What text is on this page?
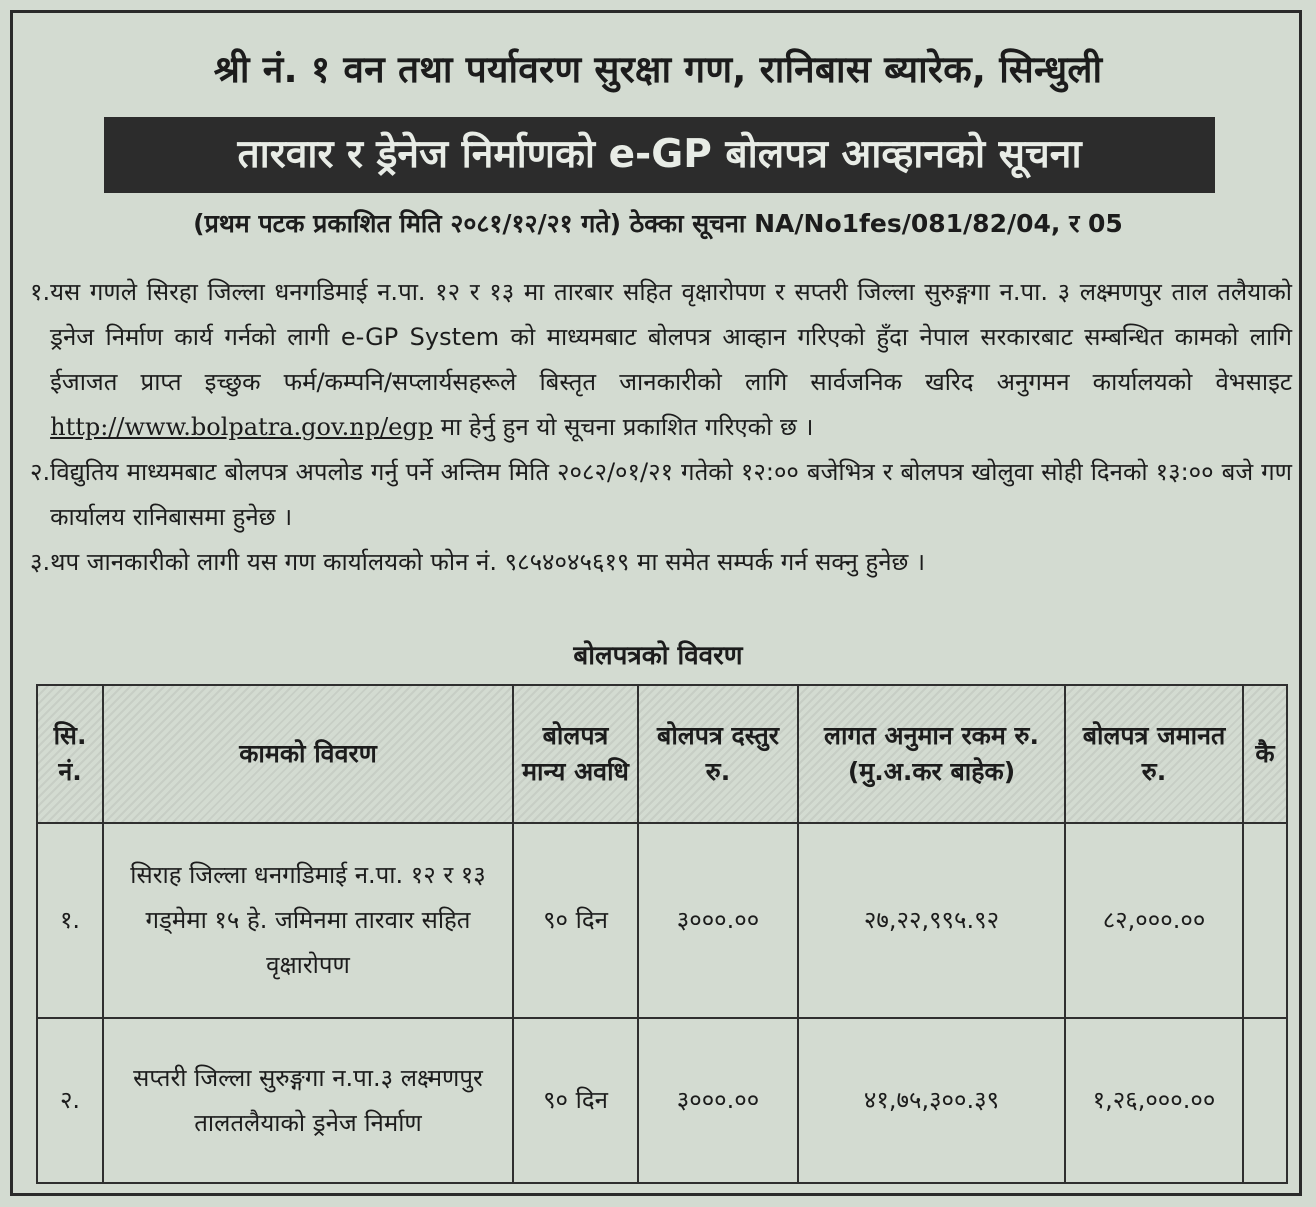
श्री नं. १ वन तथा पर्यावरण सुरक्षा गण, रानिबास ब्यारेक, सिन्धुली
तारवार र ड्रेनेज निर्माणको e-GP बोलपत्र आव्हानको सूचना
(प्रथम पटक प्रकाशित मिति २०८१/१२/२१ गते) ठेक्का सूचना NA/No1fes/081/82/04, र 05
१. यस गणले सिरहा जिल्ला धनगडिमाई न.पा. १२ र १३ मा तारबार सहित वृक्षारोपण र सप्तरी जिल्ला सुरुङ्गगा न.पा. ३ लक्ष्मणपुर ताल तलैयाको ड्रनेज निर्माण कार्य गर्नको लागी e-GP System को माध्यमबाट बोलपत्र आव्हान गरिएको हुँदा नेपाल सरकारबाट सम्बन्धित कामको लागि ईजाजत प्राप्त इच्छुक फर्म/कम्पनि/सप्लार्यसहरूले बिस्तृत जानकारीको लागि सार्वजनिक खरिद अनुगमन कार्यालयको वेभसाइट http://www.bolpatra.gov.np/egp मा हेर्नु हुन यो सूचना प्रकाशित गरिएको छ ।
२. विद्युतिय माध्यमबाट बोलपत्र अपलोड गर्नु पर्ने अन्तिम मिति २०८२/०१/२१ गतेको १२:०० बजेभित्र र बोलपत्र खोलुवा सोही दिनको १३:०० बजे गण कार्यालय रानिबासमा हुनेछ ।
३. थप जानकारीको लागी यस गण कार्यालयको फोन नं. ९८५४०४५६१९ मा समेत सम्पर्क गर्न सक्नु हुनेछ ।
बोलपत्रको विवरण
सि. नं.	कामको विवरण	बोलपत्र मान्य अवधि	बोलपत्र दस्तुर रु.	लागत अनुमान रकम रु. (मु.अ.कर बाहेक)	बोलपत्र जमानत रु.	कै
१.	सिराह जिल्ला धनगडिमाई न.पा. १२ र १३ गड्मेमा १५ हे. जमिनमा तारवार सहित वृक्षारोपण	९० दिन	३०००.००	२७,२२,९९५.९२	८२,०००.००	
२.	सप्तरी जिल्ला सुरुङ्गगा न.पा.३ लक्ष्मणपुर तालतलैयाको ड्रनेज निर्माण	९० दिन	३०००.००	४१,७५,३००.३९	१,२६,०००.००	
